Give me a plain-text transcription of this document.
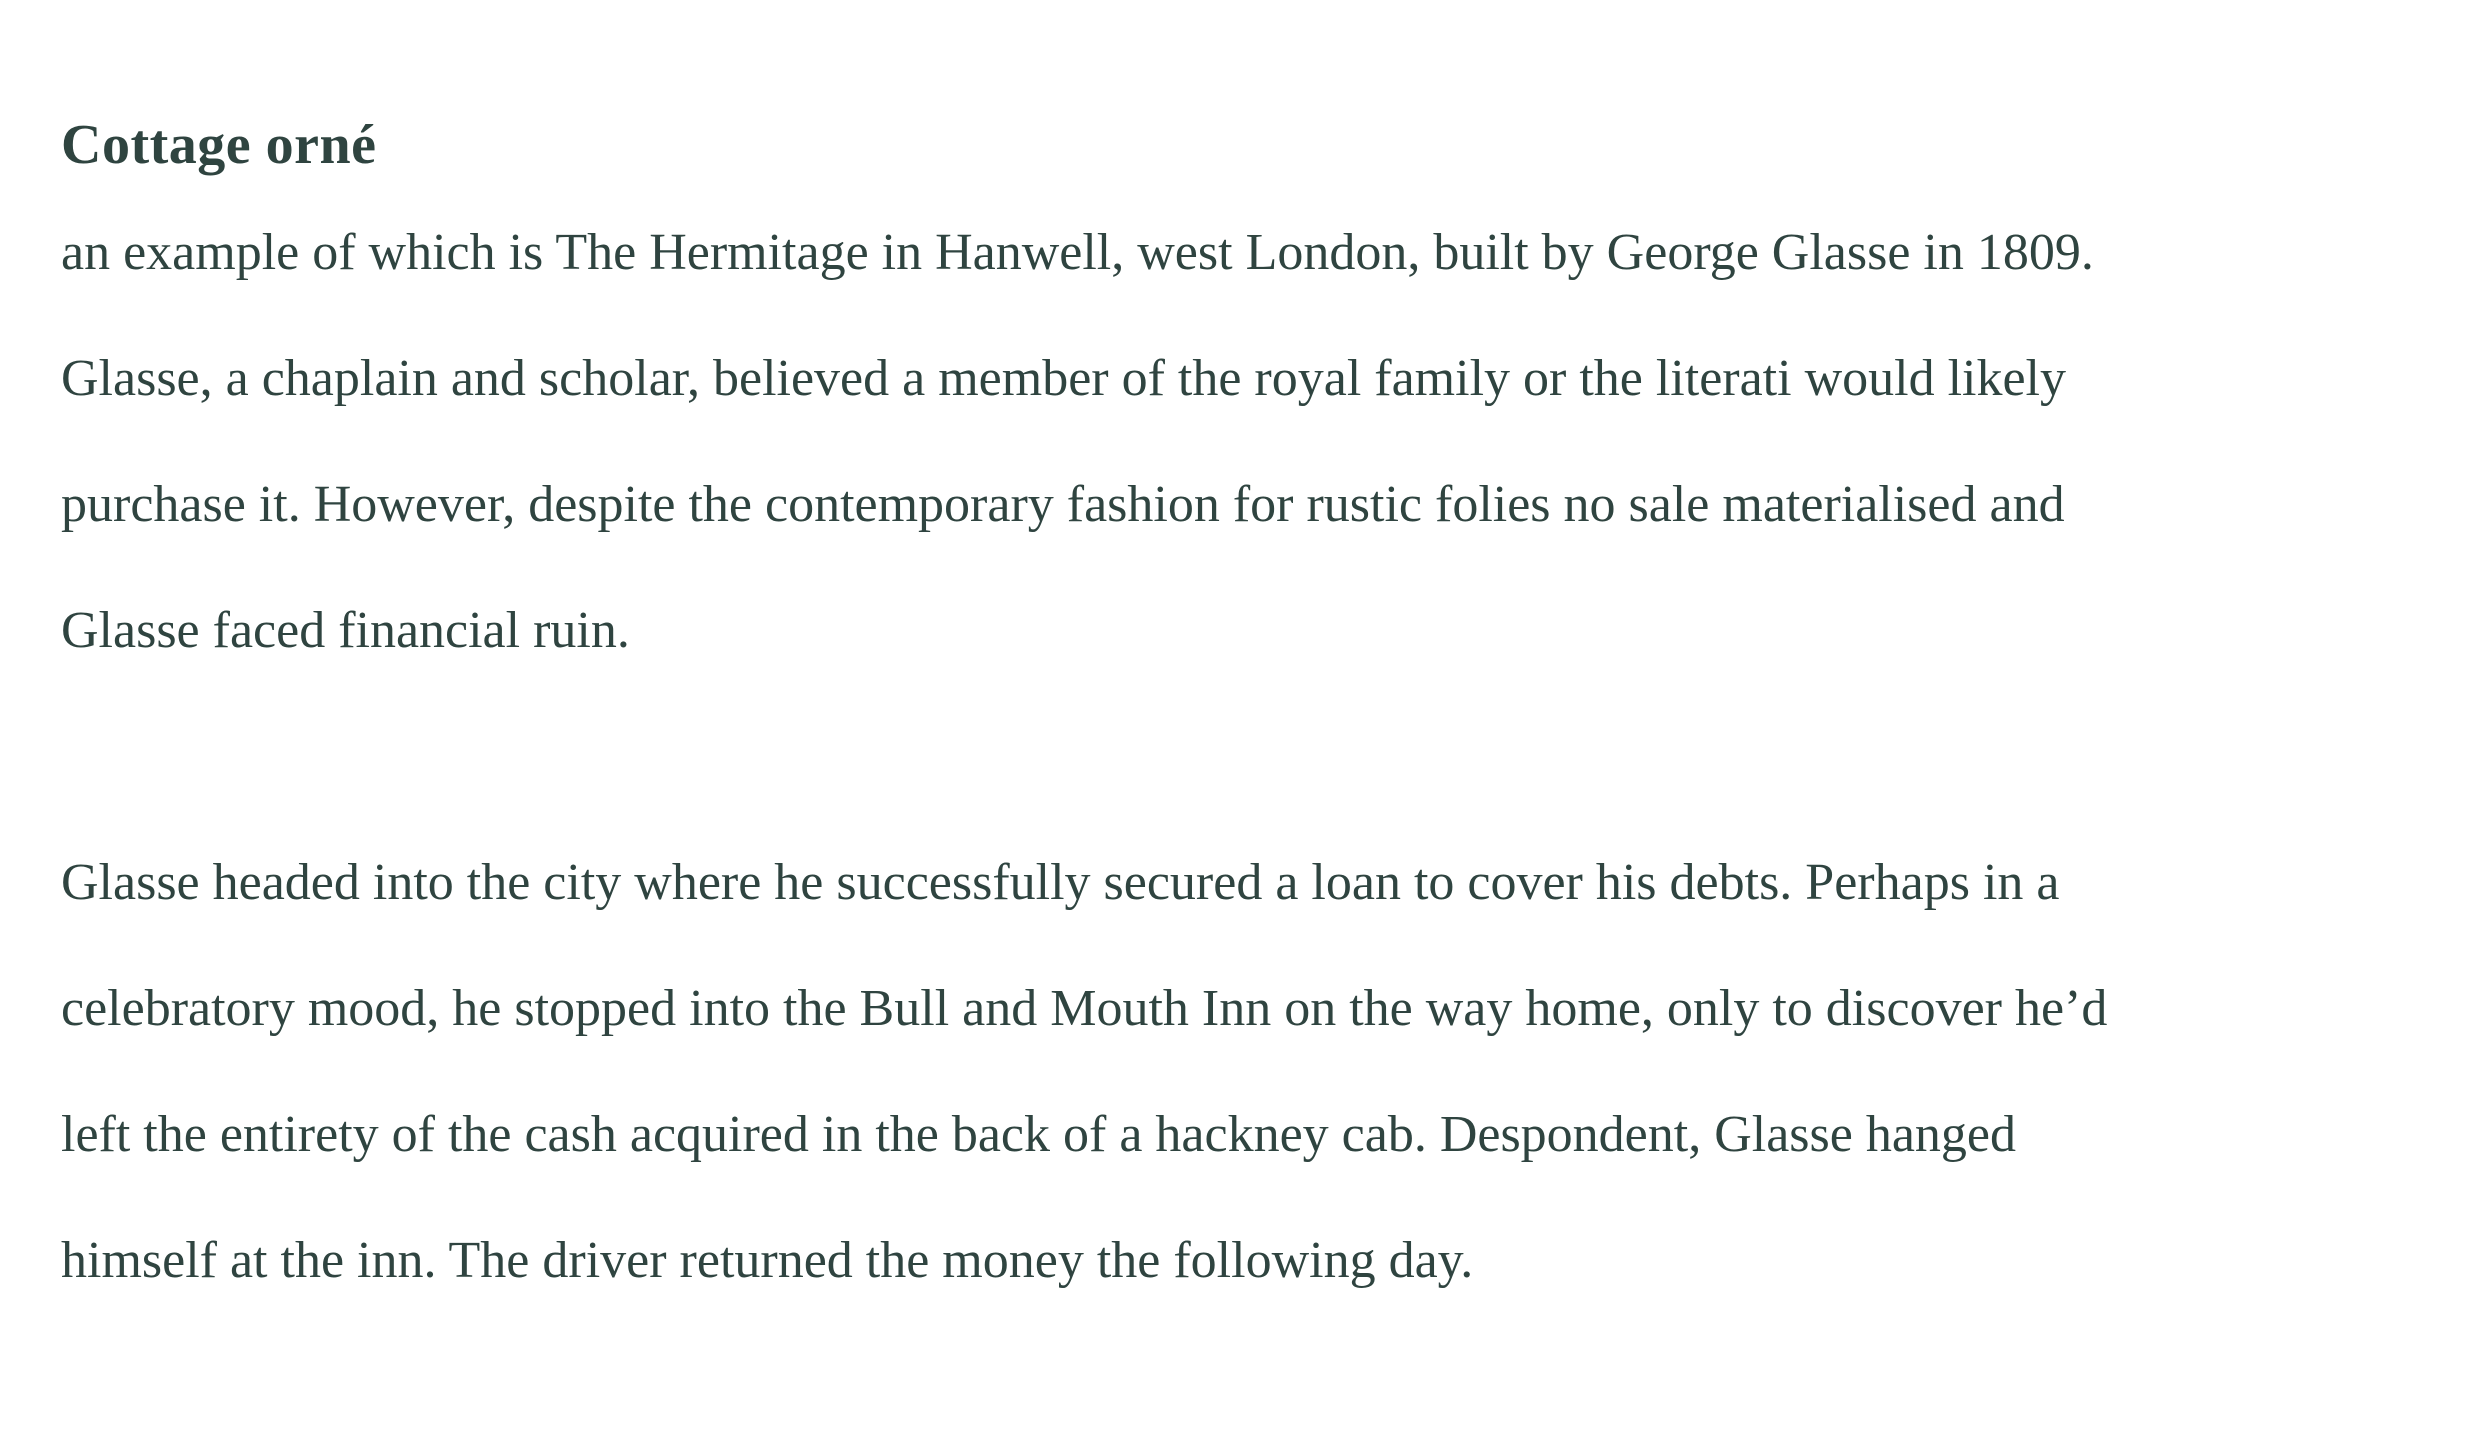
Cottage orné

an example of which is The Hermitage in Hanwell, west London, built by George Glasse in 1809.
Glasse, a chaplain and scholar, believed a member of the royal family or the literati would likely
purchase it. However, despite the contemporary fashion for rustic folies no sale materialised and
Glasse faced financial ruin.

Glasse headed into the city where he successfully secured a loan to cover his debts. Perhaps in a
celebratory mood, he stopped into the Bull and Mouth Inn on the way home, only to discover he’d
left the entirety of the cash acquired in the back of a hackney cab. Despondent, Glasse hanged
himself at the inn. The driver returned the money the following day.
